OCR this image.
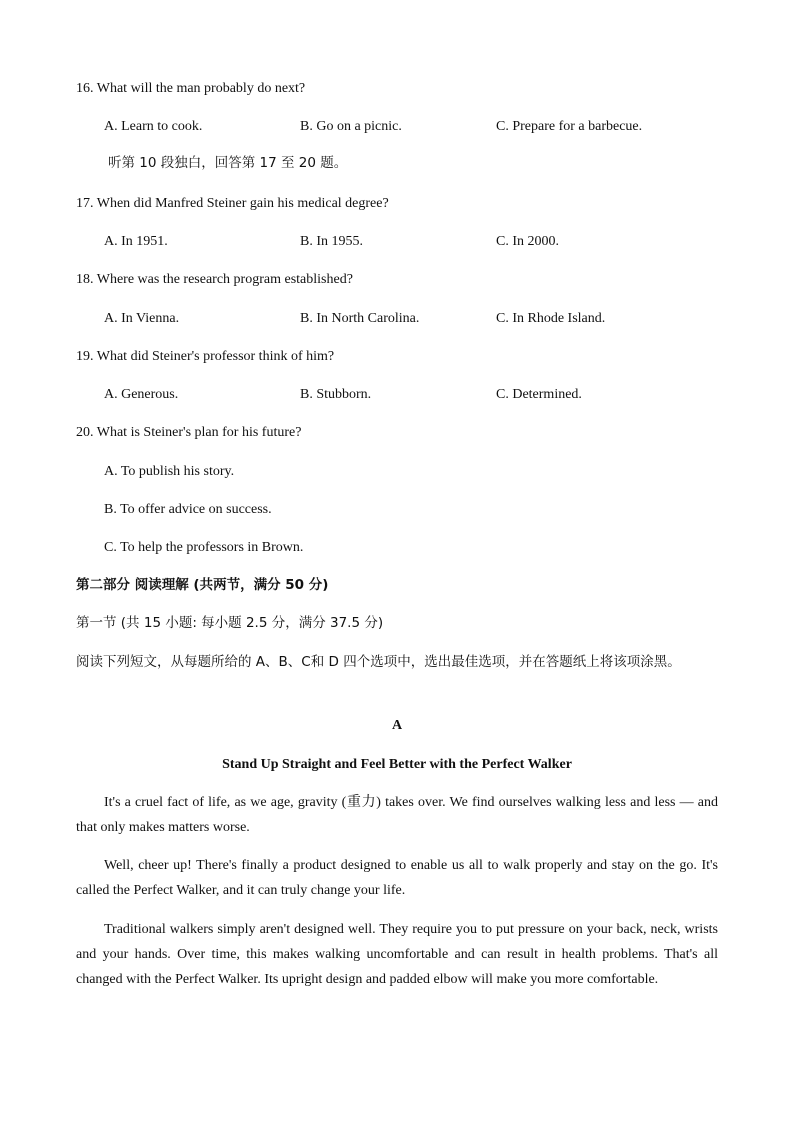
16. What will the man probably do next?
A. Learn to cook.	B. Go on a picnic.	C. Prepare for a barbecue.
听第 10 段独白，回答第 17 至 20 题。
17. When did Manfred Steiner gain his medical degree?
A. In 1951.	B. In 1955.	C. In 2000.
18. Where was the research program established?
A. In Vienna.	B. In North Carolina.	C. In Rhode Island.
19. What did Steiner's professor think of him?
A. Generous.	B. Stubborn.	C. Determined.
20. What is Steiner's plan for his future?
A. To publish his story.
B. To offer advice on success.
C. To help the professors in Brown.
第二部分 阅读理解 (共两节，满分 50 分)
第一节 (共 15 小题: 每小题 2.5 分，满分 37.5 分)

阅读下列短文，从每题所给的 A、B、C和 D 四个选项中，选出最佳选项，并在答题纸上将该项涂黑。

A
Stand Up Straight and Feel Better with the Perfect Walker

It's a cruel fact of life, as we age, gravity (重力) takes over. We find ourselves walking less and less — and that only makes matters worse.

Well, cheer up! There's finally a product designed to enable us all to walk properly and stay on the go. It's called the Perfect Walker, and it can truly change your life.

Traditional walkers simply aren't designed well. They require you to put pressure on your back, neck, wrists and your hands. Over time, this makes walking uncomfortable and can result in health problems. That's all changed with the Perfect Walker. Its upright design and padded elbow will make you more comfortable.
